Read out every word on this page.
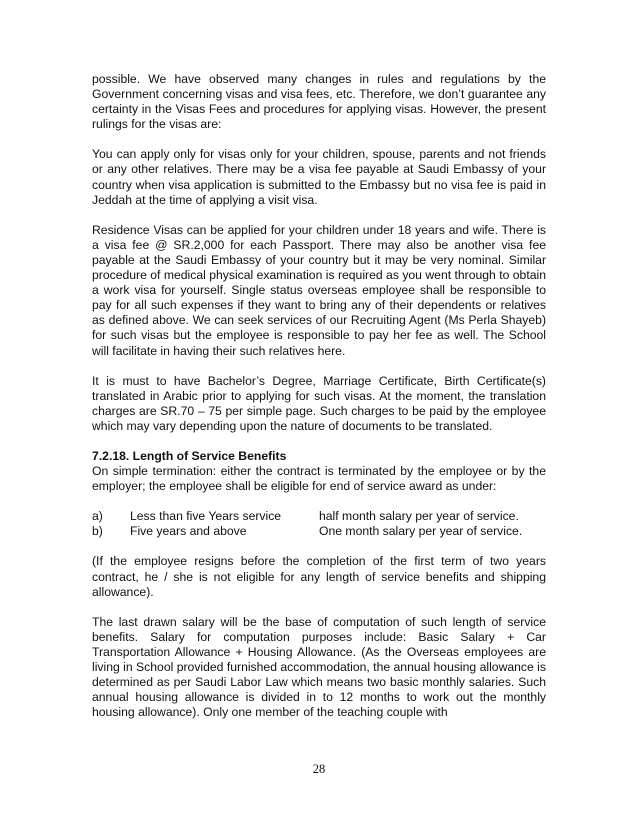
possible. We have observed many changes in rules and regulations by the Government concerning visas and visa fees, etc. Therefore, we don’t guarantee any certainty in the Visas Fees and procedures for applying visas. However, the present rulings for the visas are:

You can apply only for visas only for your children, spouse, parents and not friends or any other relatives. There may be a visa fee payable at Saudi Embassy of your country when visa application is submitted to the Embassy but no visa fee is paid in Jeddah at the time of applying a visit visa.

Residence Visas can be applied for your children under 18 years and wife. There is a visa fee @ SR.2,000 for each Passport. There may also be another visa fee payable at the Saudi Embassy of your country but it may be very nominal. Similar procedure of medical physical examination is required as you went through to obtain a work visa for yourself. Single status overseas employee shall be responsible to pay for all such expenses if they want to bring any of their dependents or relatives as defined above. We can seek services of our Recruiting Agent (Ms Perla Shayeb) for such visas but the employee is responsible to pay her fee as well. The School will facilitate in having their such relatives here.

It is must to have Bachelor’s Degree, Marriage Certificate, Birth Certificate(s) translated in Arabic prior to applying for such visas. At the moment, the translation charges are SR.70 – 75 per simple page. Such charges to be paid by the employee which may vary depending upon the nature of documents to be translated.

7.2.18. Length of Service Benefits

On simple termination: either the contract is terminated by the employee or by the employer; the employee shall be eligible for end of service award as under:

a)	Less than five Years service	half month salary per year of service.
b)	Five years and above	One month salary per year of service.

(If the employee resigns before the completion of the first term of two years contract, he / she is not eligible for any length of service benefits and shipping allowance).

The last drawn salary will be the base of computation of such length of service benefits. Salary for computation purposes include: Basic Salary + Car Transportation Allowance + Housing Allowance. (As the Overseas employees are living in School provided furnished accommodation, the annual housing allowance is determined as per Saudi Labor Law which means two basic monthly salaries. Such annual housing allowance is divided in to 12 months to work out the monthly housing allowance). Only one member of the teaching couple with

28
